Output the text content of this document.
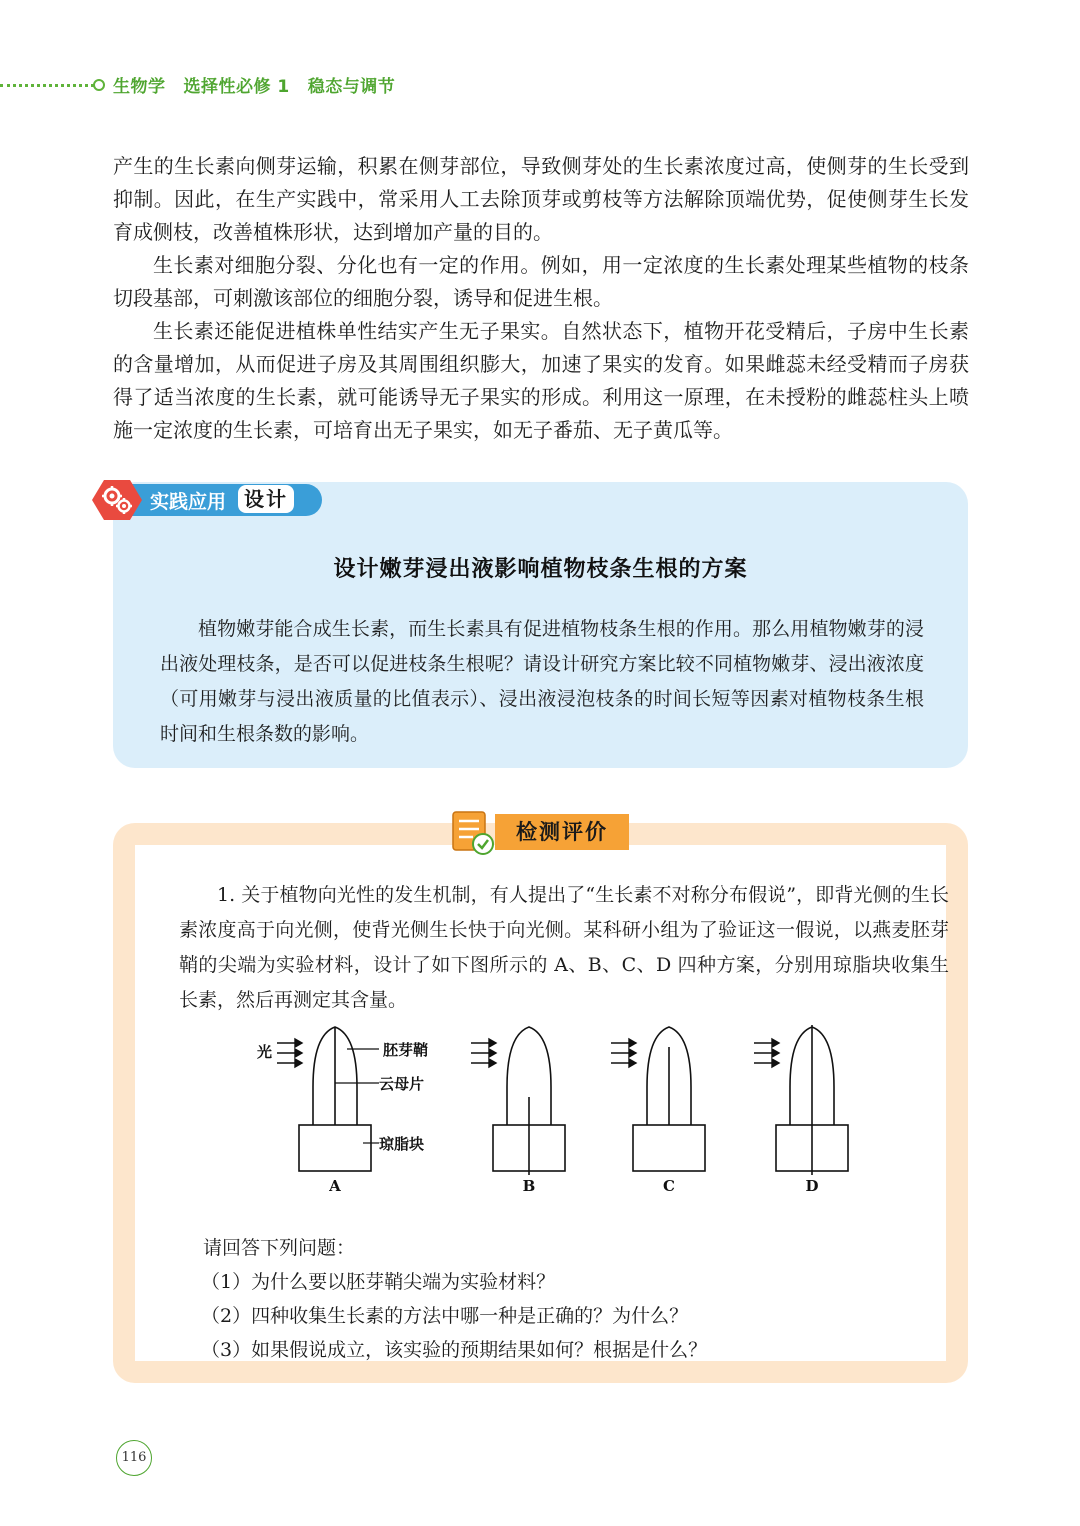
生物学 选择性必修 1 稳态与调节

产生的生长素向侧芽运输，积累在侧芽部位，导致侧芽处的生长素浓度过高，使侧芽的生长受到抑制。因此，在生产实践中，常采用人工去除顶芽或剪枝等方法解除顶端优势，促使侧芽生长发育成侧枝，改善植株形状，达到增加产量的目的。

生长素对细胞分裂、分化也有一定的作用。例如，用一定浓度的生长素处理某些植物的枝条切段基部，可刺激该部位的细胞分裂，诱导和促进生根。

生长素还能促进植株单性结实产生无子果实。自然状态下，植物开花受精后，子房中生长素的含量增加，从而促进子房及其周围组织膨大，加速了果实的发育。如果雌蕊未经受精而子房获得了适当浓度的生长素，就可能诱导无子果实的形成。利用这一原理，在未授粉的雌蕊柱头上喷施一定浓度的生长素，可培育出无子果实，如无子番茄、无子黄瓜等。

设计嫩芽浸出液影响植物枝条生根的方案

植物嫩芽能合成生长素，而生长素具有促进植物枝条生根的作用。那么用植物嫩芽的浸出液处理枝条，是否可以促进枝条生根呢？请设计研究方案比较不同植物嫩芽、浸出液浓度（可用嫩芽与浸出液质量的比值表示）、浸出液浸泡枝条的时间长短等因素对植物枝条生根时间和生根条数的影响。

实践应用 设计

1. 关于植物向光性的发生机制，有人提出了“生长素不对称分布假说”，即背光侧的生长素浓度高于向光侧，使背光侧生长快于向光侧。某科研小组为了验证这一假说，以燕麦胚芽鞘的尖端为实验材料，设计了如下图所示的 A、B、C、D 四种方案，分别用琼脂块收集生长素，然后再测定其含量。

光	胚芽鞘
云母片
琼脂块
A	B	C	D
请回答下列问题：
（1）为什么要以胚芽鞘尖端为实验材料？
（2）四种收集生长素的方法中哪一种是正确的？为什么？
（3）如果假说成立，该实验的预期结果如何？根据是什么？
检测评价
116
